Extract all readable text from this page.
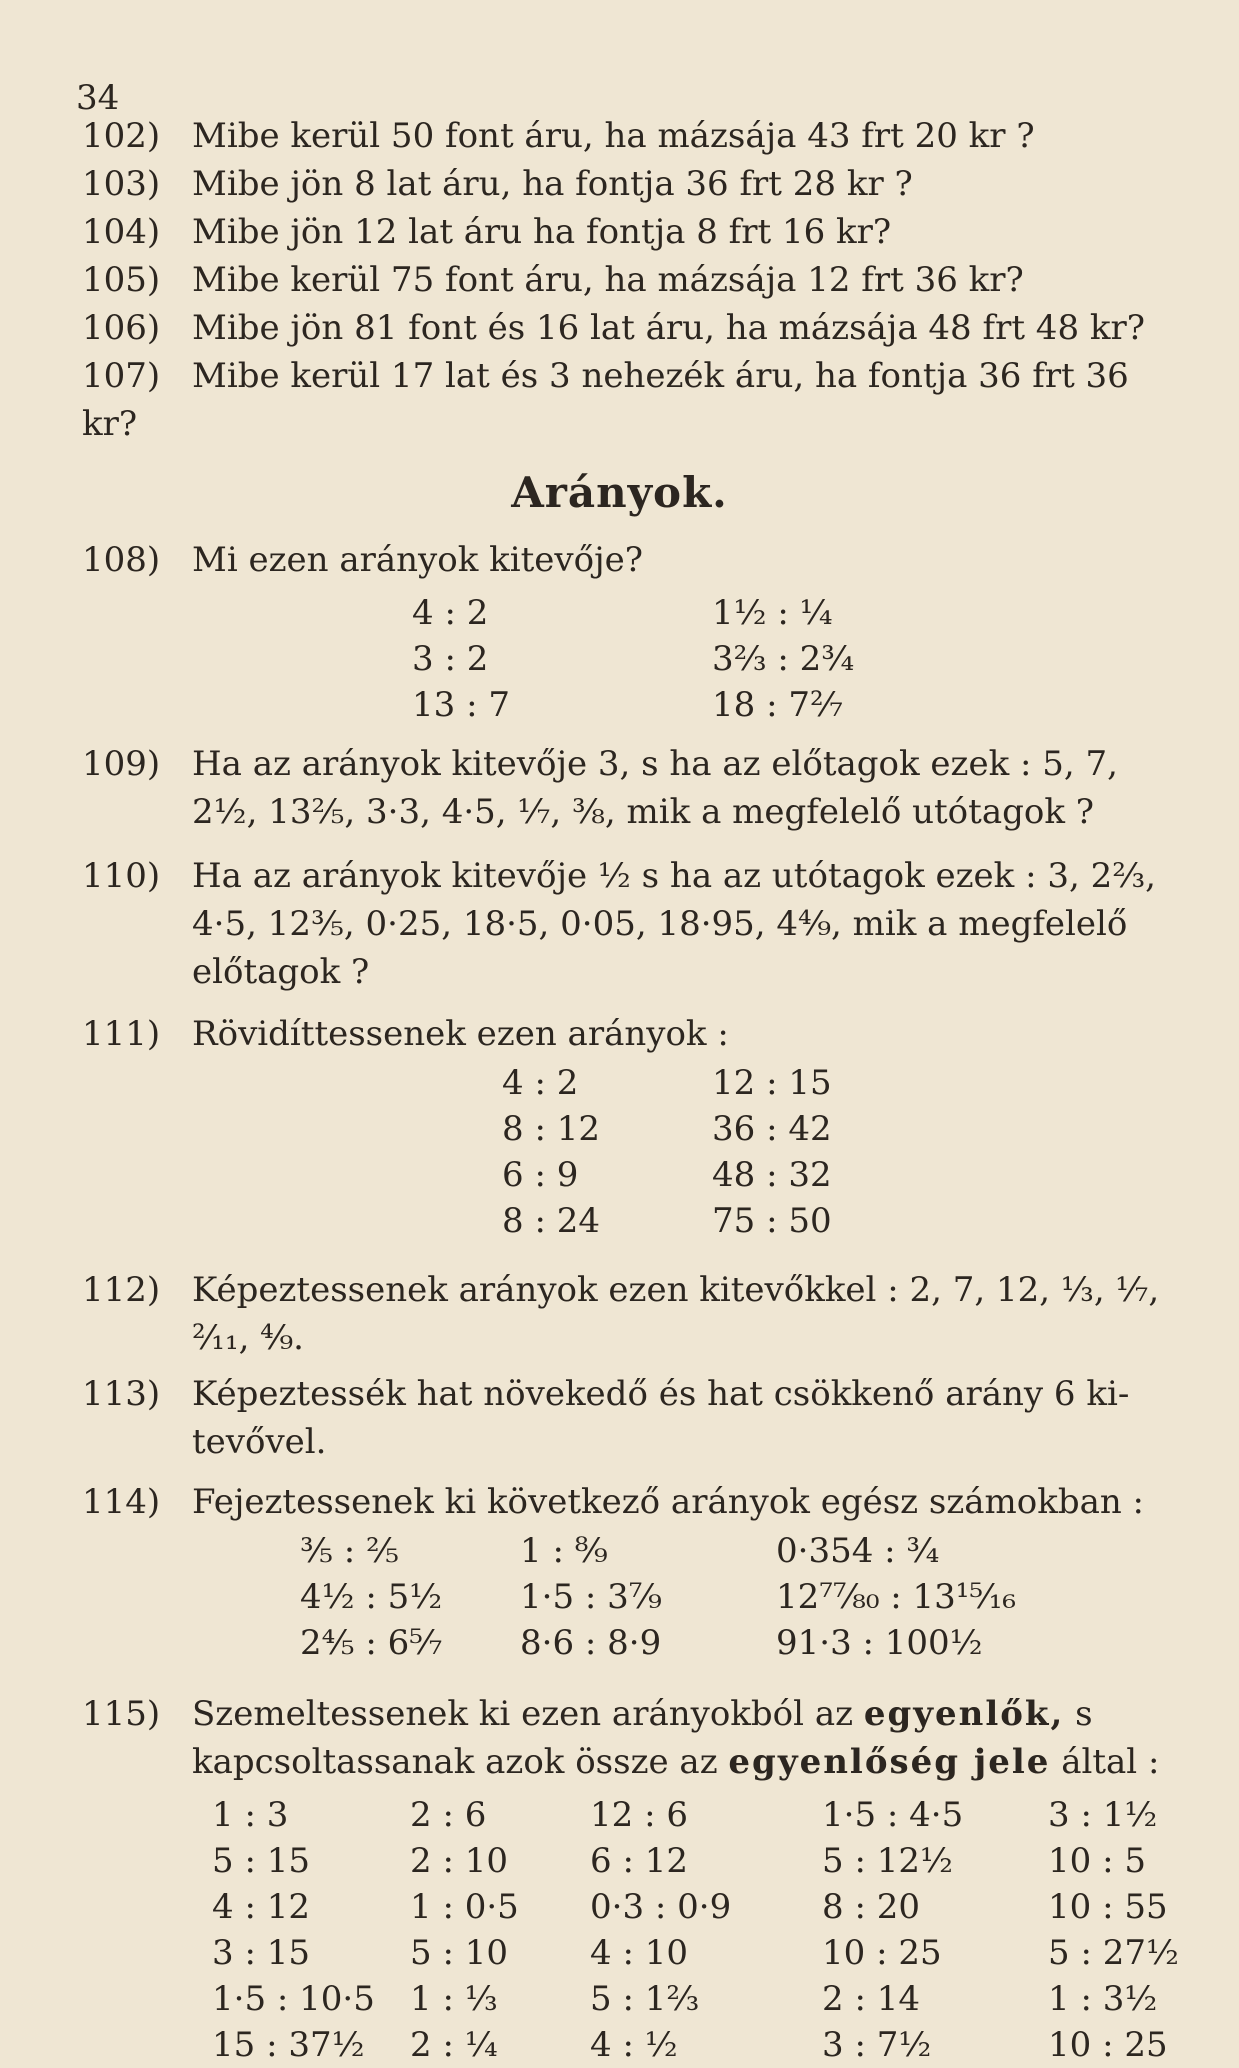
34
102) Mibe kerül 50 font áru, ha mázsája 43 frt 20 kr ?
103) Mibe jön 8 lat áru, ha fontja 36 frt 28 kr ?
104) Mibe jön 12 lat áru ha fontja 8 frt 16 kr?
105) Mibe kerül 75 font áru, ha mázsája 12 frt 36 kr?
106) Mibe jön 81 font és 16 lat áru, ha mázsája 48 frt 48 kr?
107) Mibe kerül 17 lat és 3 nehezék áru, ha fontja 36 frt 36 kr?
Arányok.
108) Mi ezen arányok kitevője?
4 : 2
3 : 2
13 : 7
1½ : ¼
3⅔ : 2¾
18 : 7²⁄₇
109) Ha az arányok kitevője 3, s ha az előtagok ezek : 5, 7,
2½, 13⅖, 3·3, 4·5, ⅐, ⅜, mik a megfelelő utótagok ?
110) Ha az arányok kitevője ½ s ha az utótagok ezek : 3, 2⅔,
4·5, 12⅗, 0·25, 18·5, 0·05, 18·95, 4⁴⁄₉, mik a megfelelő
előtagok ?
111) Rövidíttessenek ezen arányok :
4 : 2
8 : 12
6 : 9
8 : 24
12 : 15
36 : 42
48 : 32
75 : 50
112) Képeztessenek arányok ezen kitevőkkel : 2, 7, 12, ⅓, ⅐,
²⁄₁₁, ⁴⁄₉.
113) Képeztessék hat növekedő és hat csökkenő arány 6 ki-
tevővel.
114) Fejeztessenek ki következő arányok egész számokban :
⅗ : ⅖
4½ : 5½
2⅘ : 6⁵⁄₇
1 : ⁸⁄₉
1·5 : 3⁷⁄₉
8·6 : 8·9
0·354 : ¾
12⁷⁷⁄₈₀ : 13¹⁵⁄₁₆
91·3 : 100½
115) Szemeltessenek ki ezen arányokból az egyenlők, s
kapcsoltassanak azok össze az egyenlőség jele által :
1 : 3
5 : 15
4 : 12
3 : 15
1·5 : 10·5
15 : 37½
2 : 6
2 : 10
1 : 0·5
5 : 10
1 : ⅓
2 : ¼
12 : 6
6 : 12
0·3 : 0·9
4 : 10
5 : 1⅔
4 : ½
1·5 : 4·5
5 : 12½
8 : 20
10 : 25
2 : 14
3 : 7½
3 : 1½
10 : 5
10 : 55
5 : 27½
1 : 3½
10 : 25
